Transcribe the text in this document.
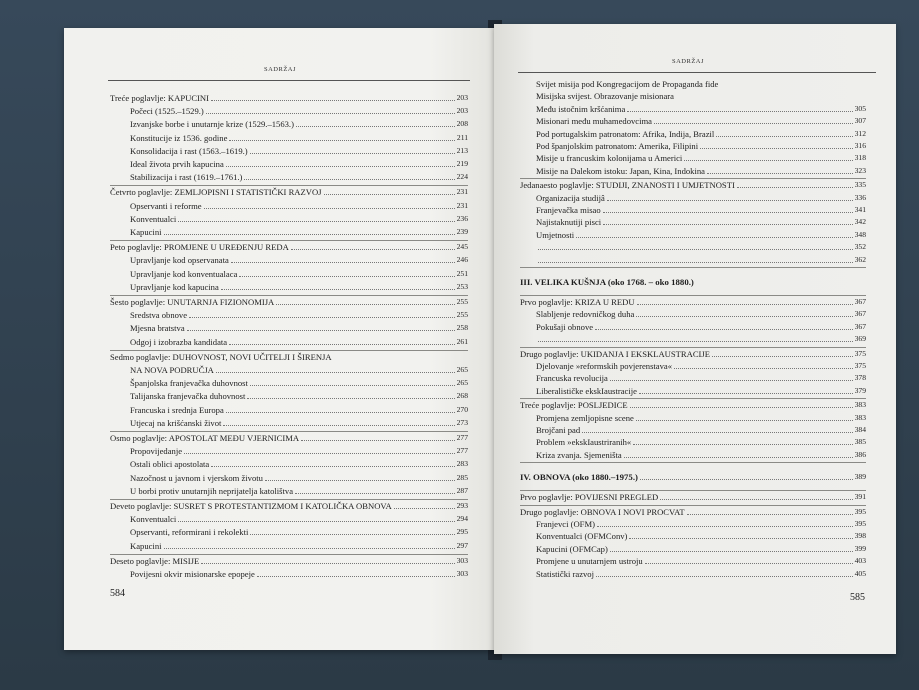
SADRŽAJ
Treće poglavlje: KAPUCINI	203
Počeci (1525.–1529.)	203
Izvanjske borbe i unutarnje krize (1529.–1563.)	208
Konstitucije iz 1536. godine	211
Konsolidacija i rast (1563.–1619.)	213
Ideal života prvih kapucina	219
Stabilizacija i rast (1619.–1761.)	224
Četvrto poglavlje: ZEMLJOPISNI I STATISTIČKI RAZVOJ	231
Opservanti i reforme	231
Konventualci	236
Kapucini	239
Peto poglavlje: PROMJENE U UREĐENJU REDA	245
Upravljanje kod opservanata	246
Upravljanje kod konventualaca	251
Upravljanje kod kapucina	253
Šesto poglavlje: UNUTARNJA FIZIONOMIJA	255
Sredstva obnove	255
Mjesna bratstva	258
Odgoj i izobrazba kandidata	261
Sedmo poglavlje: DUHOVNOST, NOVI UČITELJI I ŠIRENJA
NA NOVA PODRUČJA	265
Španjolska franjevačka duhovnost	265
Talijanska franjevačka duhovnost	268
Francuska i srednja Europa	270
Utjecaj na krišćanski život	273
Osmo poglavlje: APOSTOLAT MEĐU VJERNICIMA	277
Propovijedanje	277
Ostali oblici apostolata	283
Nazočnost u javnom i vjerskom životu	285
U borbi protiv unutarnjih neprijatelja katolištva	287
Deveto poglavlje: SUSRET S PROTESTANTIZMOM I KATOLIČKA OBNOVA	293
Konventualci	294
Opservanti, reformirani i rekolekti	295
Kapucini	297
Deseto poglavlje: MISIJE	303
Povijesni okvir misionarske epopeje	303
584
SADRŽAJ
Svijet misija pod Kongregacijom de Propaganda fide
Misijska svijest. Obrazovanje misionara
Među istočnim kršćanima	305
Misionari među muhamedovcima	307
Pod portugalskim patronatom: Afrika, Indija, Brazil	312
Pod španjolskim patronatom: Amerika, Filipini	316
Misije u francuskim kolonijama u Americi	318
Misije na Dalekom istoku: Japan, Kina, Indokina	323
Jedanaesto poglavlje: STUDIJI, ZNANOSTI I UMJETNOSTI	335
Organizacija studijâ	336
Franjevačka misao	341
Najistaknutiji pisci	342
Umjetnosti	348
352
362
III. VELIKA KUŠNJA (oko 1768. – oko 1880.)
Prvo poglavlje: KRIZA U REDU	367
Slabljenje redovničkog duha	367
Pokušaji obnove	367
369
Drugo poglavlje: UKIDANJA I EKSKLAUSTRACIJE	375
Djelovanje »reformskih povjerenstava«	375
Francuska revolucija	378
Liberalističke ekskIaustracije	379
Treće poglavlje: POSLJEDICE	383
Promjena zemljopisne scene	383
Brojčani pad	384
Problem »ekskIaustriranih«	385
Kriza zvanja. Sjemeništa	386
IV. OBNOVA (oko 1880.–1975.)	389
Prvo poglavlje: POVIJESNI PREGLED	391
Drugo poglavlje: OBNOVA I NOVI PROCVAT	395
Franjevci (OFM)	395
Konventualci (OFMConv)	398
Kapucini (OFMCap)	399
Promjene u unutarnjem ustroju	403
Statistički razvoj	405
585
